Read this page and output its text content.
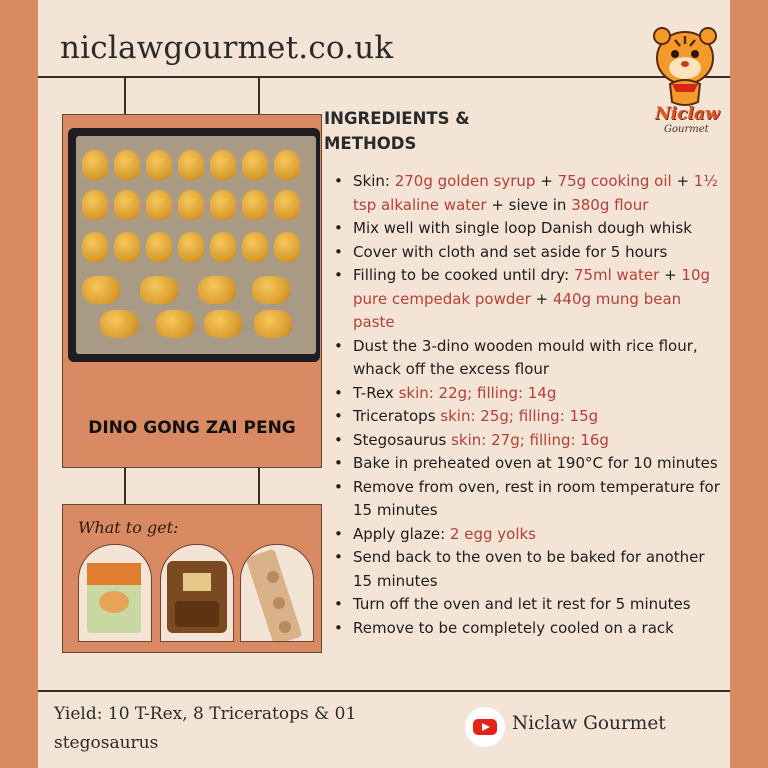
niclawgourmet.co.uk
Niclaw
Gourmet
DINO GONG ZAI PENG
What to get:
INGREDIENTS & METHODS
• Skin: 270g golden syrup + 75g cooking oil + 1½ tsp alkaline water + sieve in 380g flour
• Mix well with single loop Danish dough whisk
• Cover with cloth and set aside for 5 hours
• Filling to be cooked until dry: 75ml water + 10g pure cempedak powder + 440g mung bean paste
• Dust the 3-dino wooden mould with rice flour, whack off the excess flour
• T-Rex skin: 22g; filling: 14g
• Triceratops skin: 25g; filling: 15g
• Stegosaurus skin: 27g; filling: 16g
• Bake in preheated oven at 190°C for 10 minutes
• Remove from oven, rest in room temperature for 15 minutes
• Apply glaze: 2 egg yolks
• Send back to the oven to be baked for another 15 minutes
• Turn off the oven and let it rest for 5 minutes
• Remove to be completely cooled on a rack
Yield: 10 T-Rex, 8 Triceratops & 01 stegosaurus
Niclaw Gourmet
